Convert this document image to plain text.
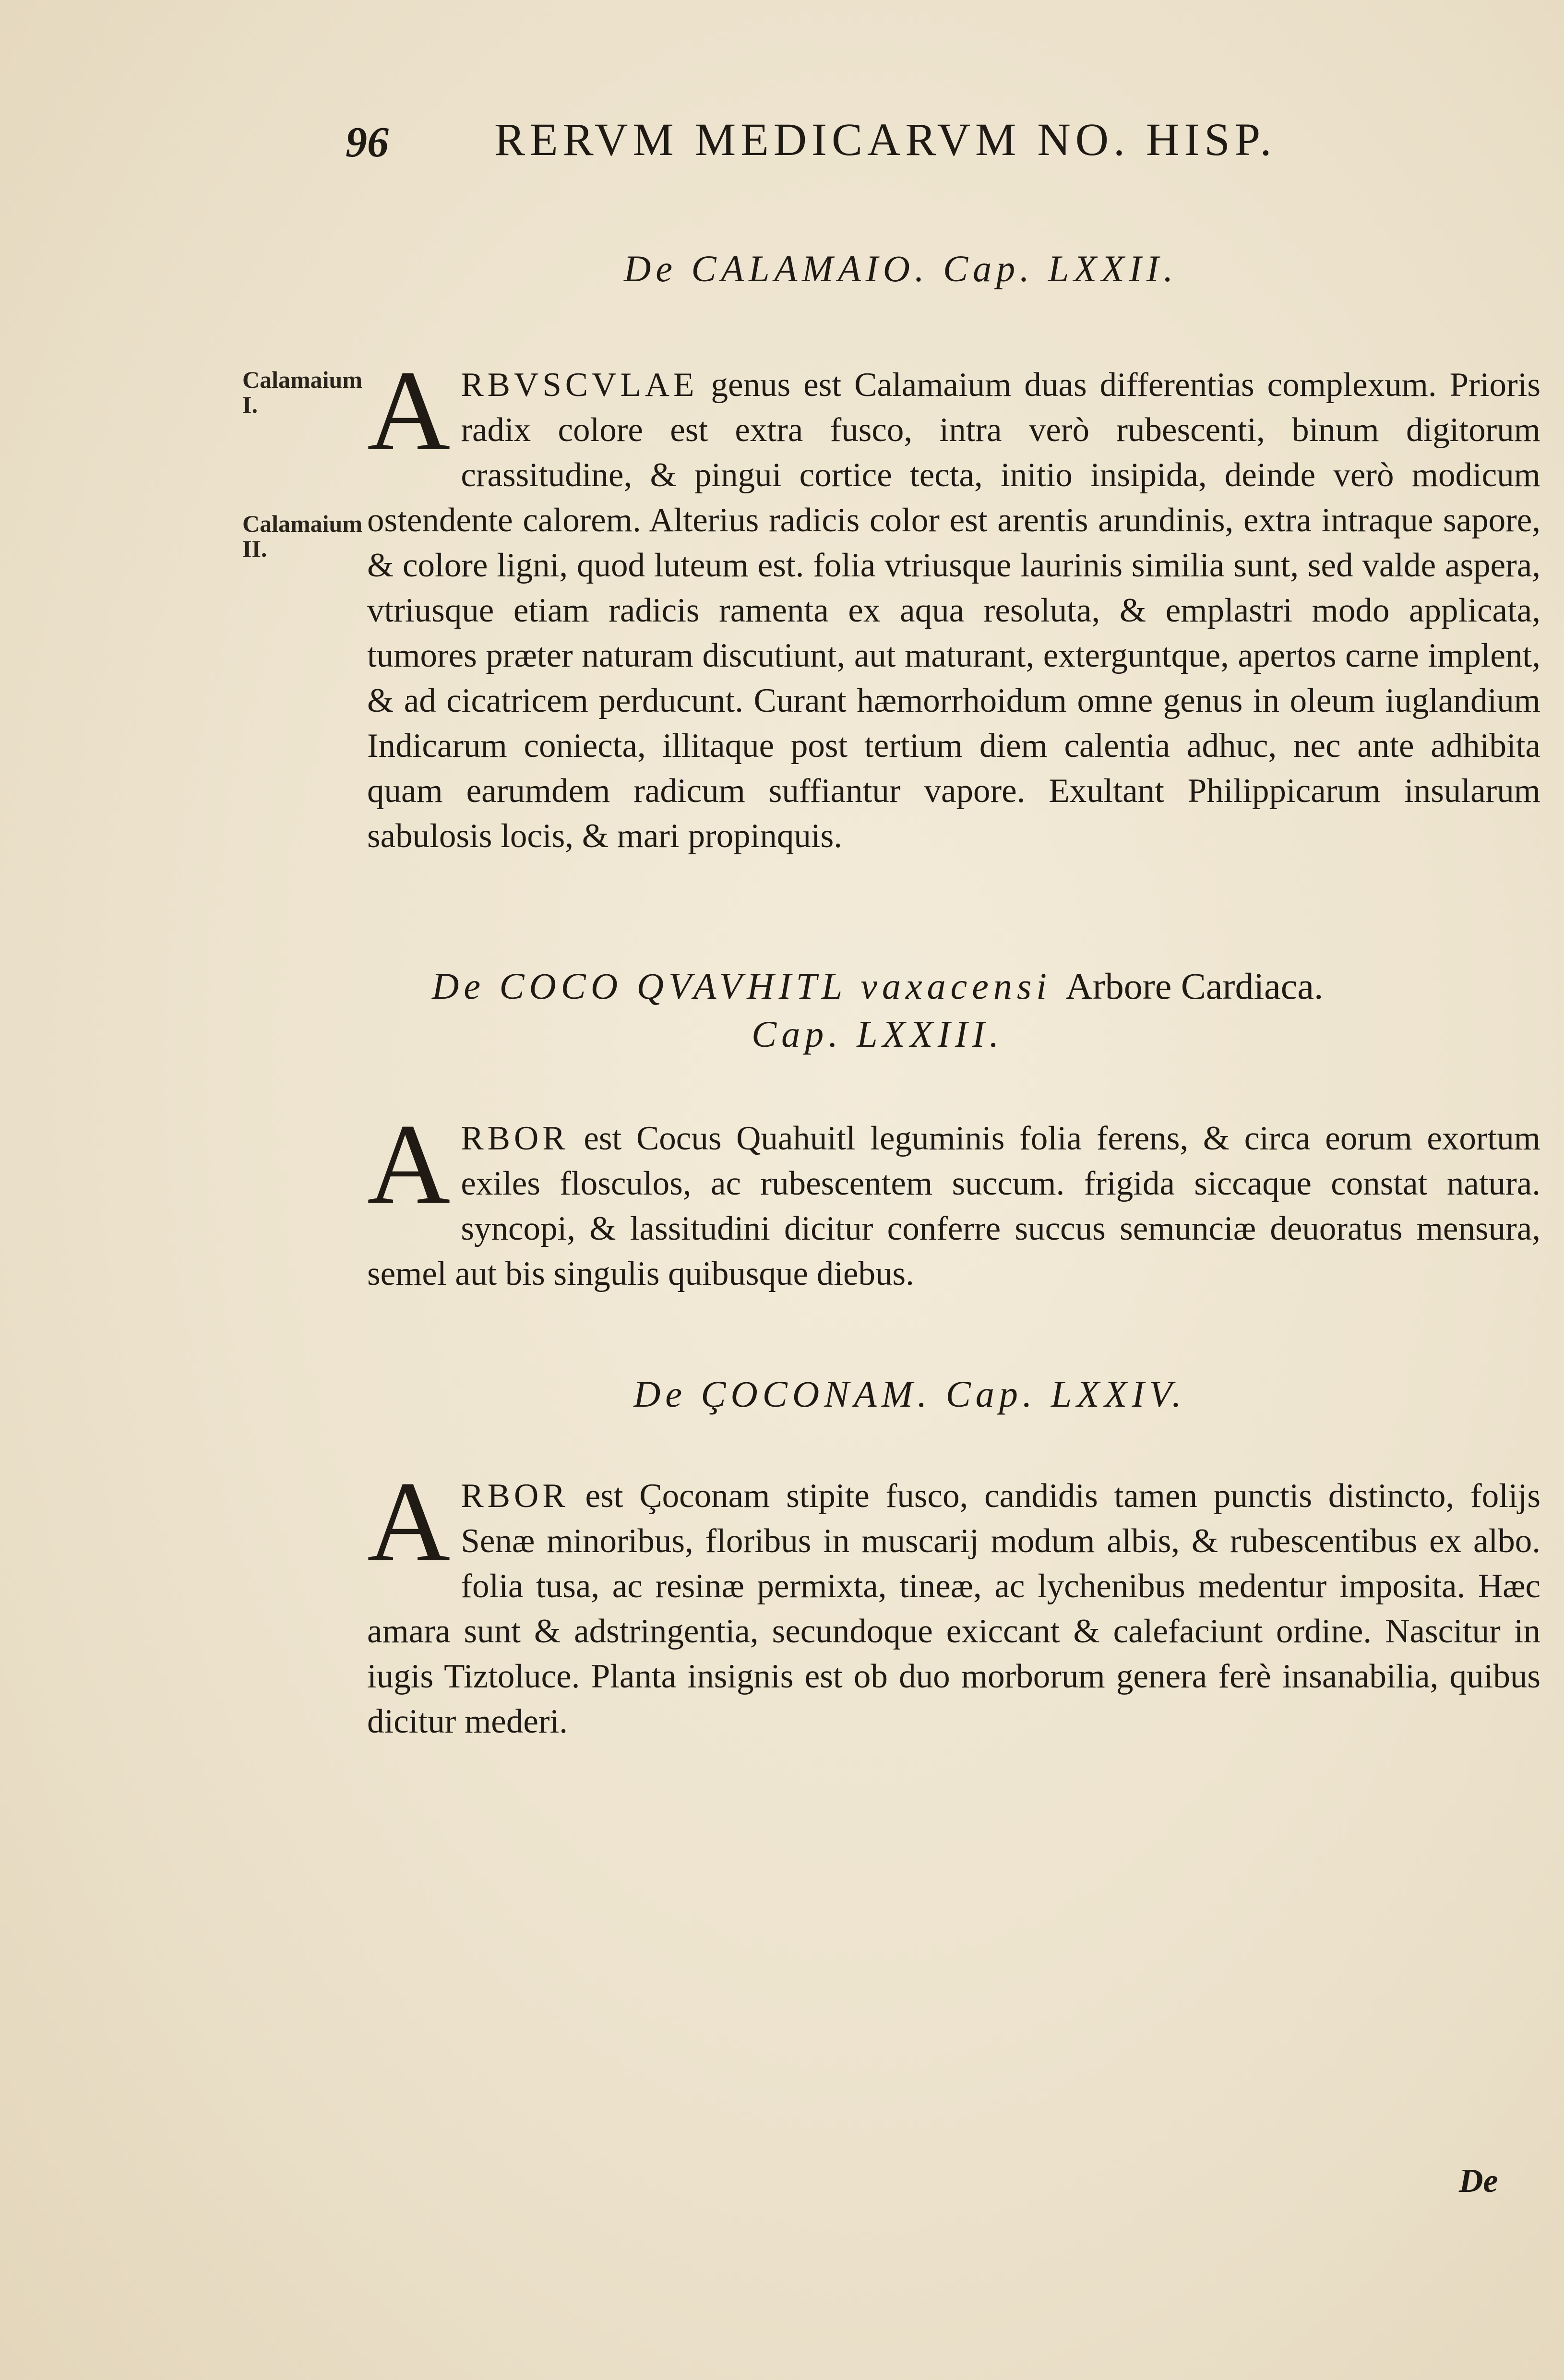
96 RERVM MEDICARVM NO. HISP.
De CALAMAIO. Cap. LXXII.
Calamaium I.
Calamaium II.
A RBVSCVLAE genus est Calamaium duas differentias complexum. Prioris radix colore est extra fusco, intra verò rubescenti, binum digitorum crassitudine, & pingui cortice tecta, initio insipida, deinde verò modicum ostendente calorem. Alterius radicis color est arentis arundinis, extra intraque sapore, & colore ligni, quod luteum est. folia vtriusque laurinis similia sunt, sed valde aspera, vtriusque etiam radicis ramenta ex aqua resoluta, & emplastri modo applicata, tumores præter naturam discutiunt, aut maturant, exterguntque, apertos carne implent, & ad cicatricem perducunt. Curant hæmorrhoidum omne genus in oleum iuglandium Indicarum coniecta, illitaque post tertium diem calentia adhuc, nec ante adhibita quam earumdem radicum suffiantur vapore. Exultant Philippicarum insularum sabulosis locis, & mari propinquis.
De COCO QVAVHITL vaxacensi Arbore Cardiaca.
Cap. LXXIII.
A RBOR est Cocus Quahuitl leguminis folia ferens, & circa eorum exortum exiles flosculos, ac rubescentem succum. frigida siccaque constat natura. syncopi, & lassitudini dicitur conferre succus semunciæ deuoratus mensura, semel aut bis singulis quibusque diebus.
De ÇOCONAM. Cap. LXXIV.
A RBOR est Çoconam stipite fusco, candidis tamen punctis distincto, folijs Senæ minoribus, floribus in muscarij modum albis, & rubescentibus ex albo. folia tusa, ac resinæ permixta, tineæ, ac lychenibus medentur imposita. Hæc amara sunt & adstringentia, secundoque exiccant & calefaciunt ordine. Nascitur in iugis Tiztoluce. Planta insignis est ob duo morborum genera ferè insanabilia, quibus dicitur mederi.
De
